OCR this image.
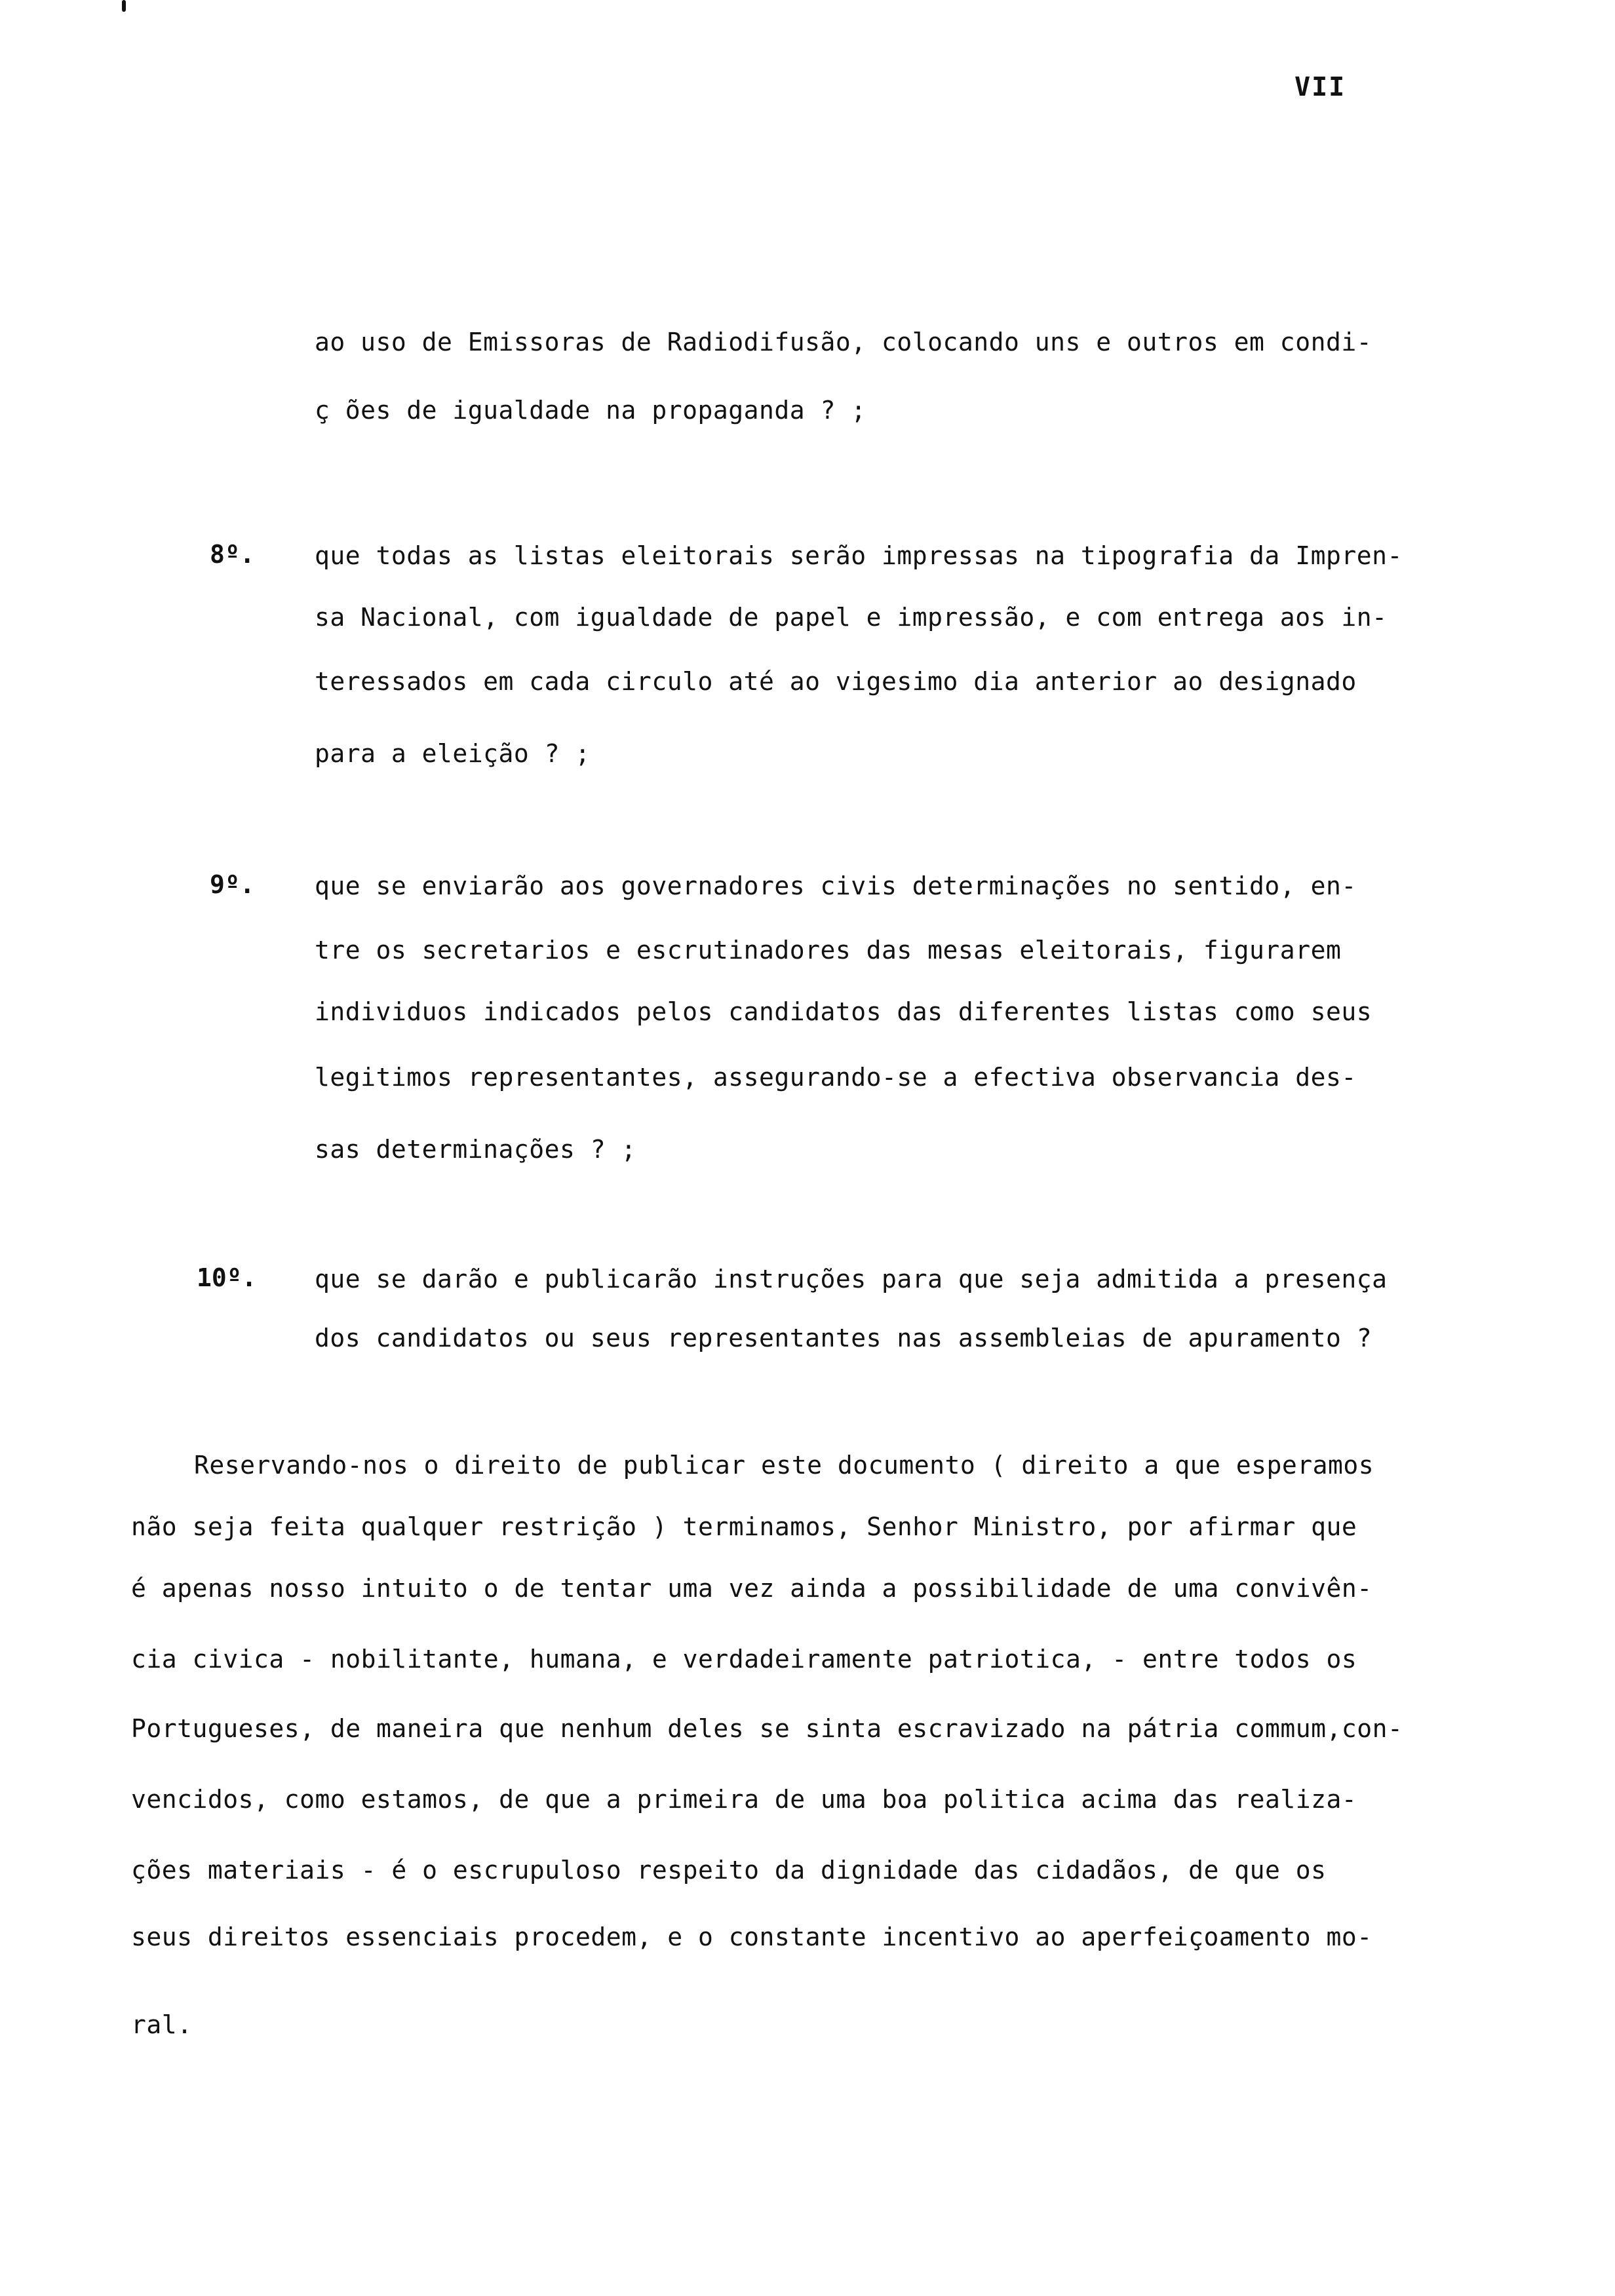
VII
ao uso de Emissoras de Radiodifusão, colocando uns e outros em condi-
ç ões de igualdade na propaganda ? ;
8º. que todas as listas eleitorais serão impressas na tipografia da Impren-
sa Nacional, com igualdade de papel e impressão, e com entrega aos in-
teressados em cada circulo até ao vigesimo dia anterior ao designado
para a eleição ? ;
9º. que se enviarão aos governadores civis determinações no sentido, en-
tre os secretarios e escrutinadores das mesas eleitorais, figurarem
individuos indicados pelos candidatos das diferentes listas como seus
legitimos representantes, assegurando-se a efectiva observancia des-
sas determinações ? ;
10º. que se darão e publicarão instruções para que seja admitida a presença
dos candidatos ou seus representantes nas assembleias de apuramento ?
Reservando-nos o direito de publicar este documento ( direito a que esperamos
não seja feita qualquer restrição ) terminamos, Senhor Ministro, por afirmar que
é apenas nosso intuito o de tentar uma vez ainda a possibilidade de uma convivên-
cia civica - nobilitante, humana, e verdadeiramente patriotica, - entre todos os
Portugueses, de maneira que nenhum deles se sinta escravizado na pátria commum,con-
vencidos, como estamos, de que a primeira de uma boa politica acima das realiza-
ções materiais - é o escrupuloso respeito da dignidade das cidadãos, de que os
seus direitos essenciais procedem, e o constante incentivo ao aperfeiçoamento mo-
ral.
